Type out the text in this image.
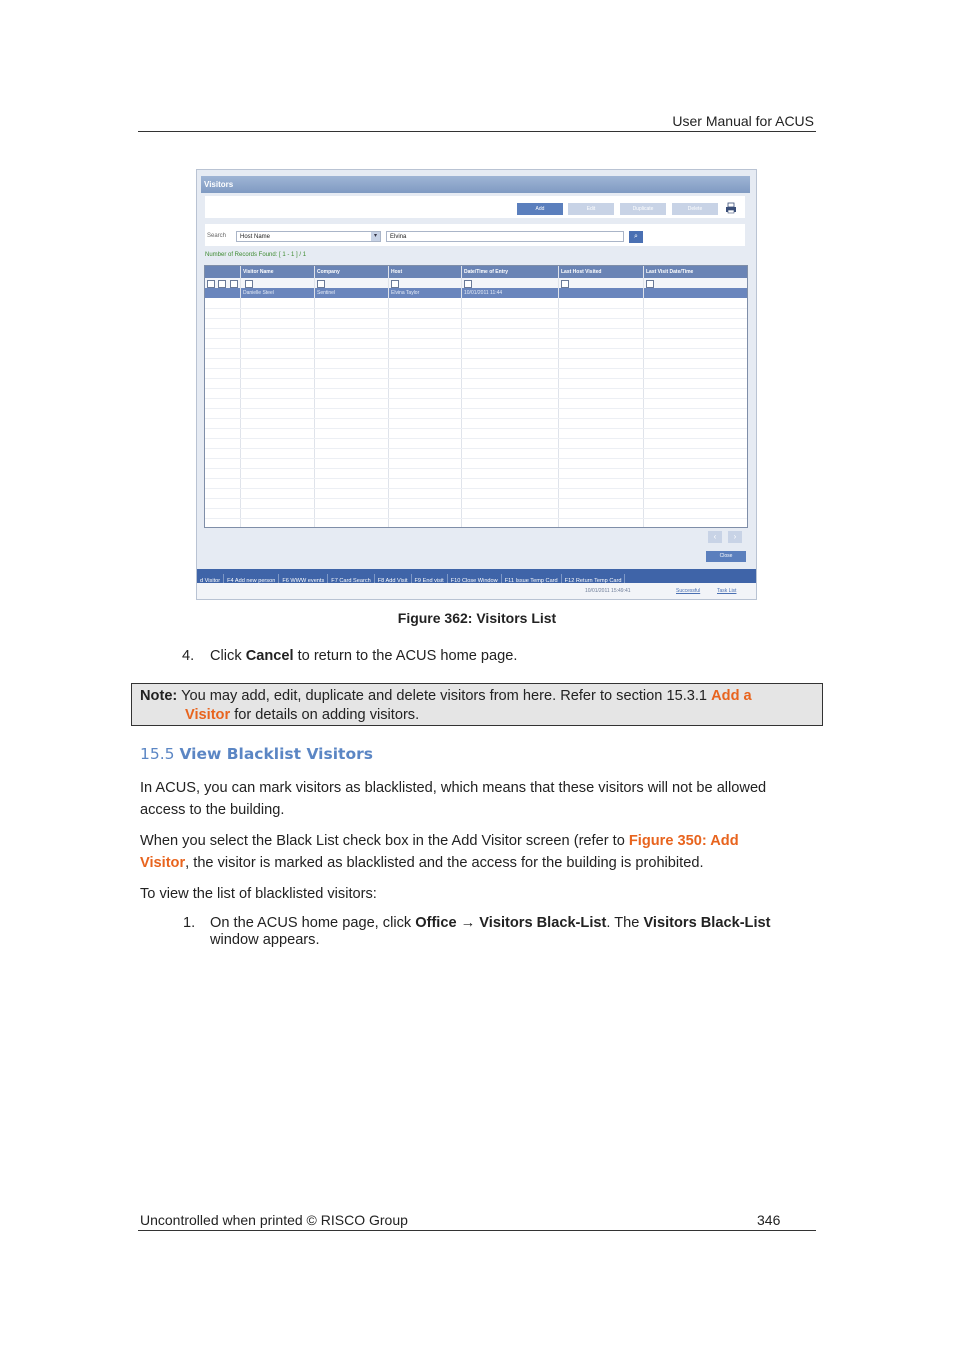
User Manual for ACUS
Visitors
Add	Edit	Duplicate	Delete
Search	Host Name	▾	Elvina	⌕
Number of Records Found: [ 1 - 1 ] / 1
Visitor Name	Company	Host	Date/Time of Entry	Last Host Visited	Last Visit Date/Time
Danielle Steel	Sentinel	Elvina Taylor	10/01/2011 11:44
‹	›
Close
d Visitor F4 Add new person F6 WWW events F7 Card Search F8 Add Visit F9 End visit F10 Close Window F11 Issue Temp Card F12 Return Temp Card
10/01/2011 15:49:41	Successful	Task List
Figure 362: Visitors List
4. Click Cancel to return to the ACUS home page.
Note: You may add, edit, duplicate and delete visitors from here. Refer to section 15.3.1 Add a
Visitor for details on adding visitors.
15.5 View Blacklist Visitors
In ACUS, you can mark visitors as blacklisted, which means that these visitors will not be allowed
access to the building.
When you select the Black List check box in the Add Visitor screen (refer to Figure 350: Add
Visitor, the visitor is marked as blacklisted and the access for the building is prohibited.
To view the list of blacklisted visitors:
1. On the ACUS home page, click Office → Visitors Black-List. The Visitors Black-List
window appears.
Uncontrolled when printed © RISCO Group	346
